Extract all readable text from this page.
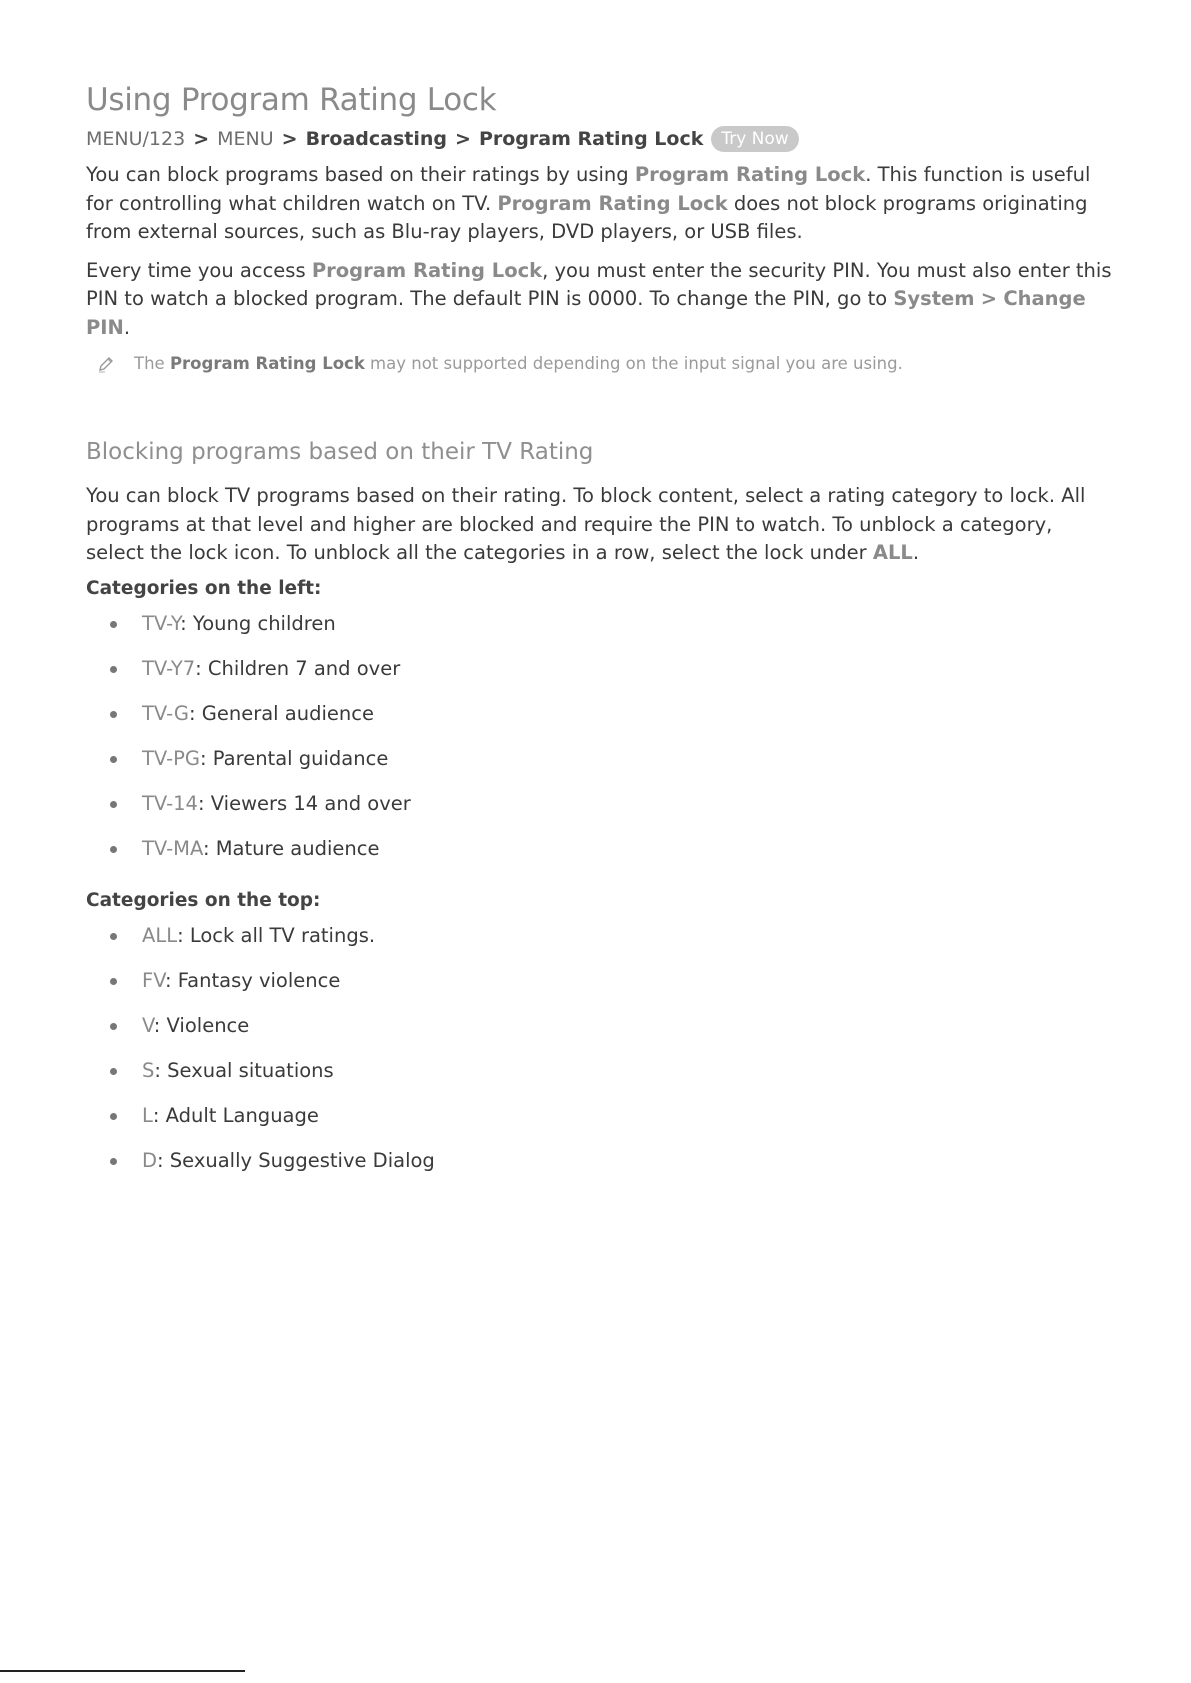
Using Program Rating Lock
MENU/123 > MENU > Broadcasting > Program Rating Lock	Try Now

You can block programs based on their ratings by using Program Rating Lock. This function is useful for controlling what children watch on TV. Program Rating Lock does not block programs originating from external sources, such as Blu-ray players, DVD players, or USB files.

Every time you access Program Rating Lock, you must enter the security PIN. You must also enter this PIN to watch a blocked program. The default PIN is 0000. To change the PIN, go to System > Change PIN.

The Program Rating Lock may not supported depending on the input signal you are using.
Blocking programs based on their TV Rating

You can block TV programs based on their rating. To block content, select a rating category to lock. All programs at that level and higher are blocked and require the PIN to watch. To unblock a category, select the lock icon. To unblock all the categories in a row, select the lock under ALL.

Categories on the left:
TV-Y: Young children
TV-Y7: Children 7 and over
TV-G: General audience
TV-PG: Parental guidance
TV-14: Viewers 14 and over
TV-MA: Mature audience
Categories on the top:
ALL: Lock all TV ratings.
FV: Fantasy violence
V: Violence
S: Sexual situations
L: Adult Language
D: Sexually Suggestive Dialog
